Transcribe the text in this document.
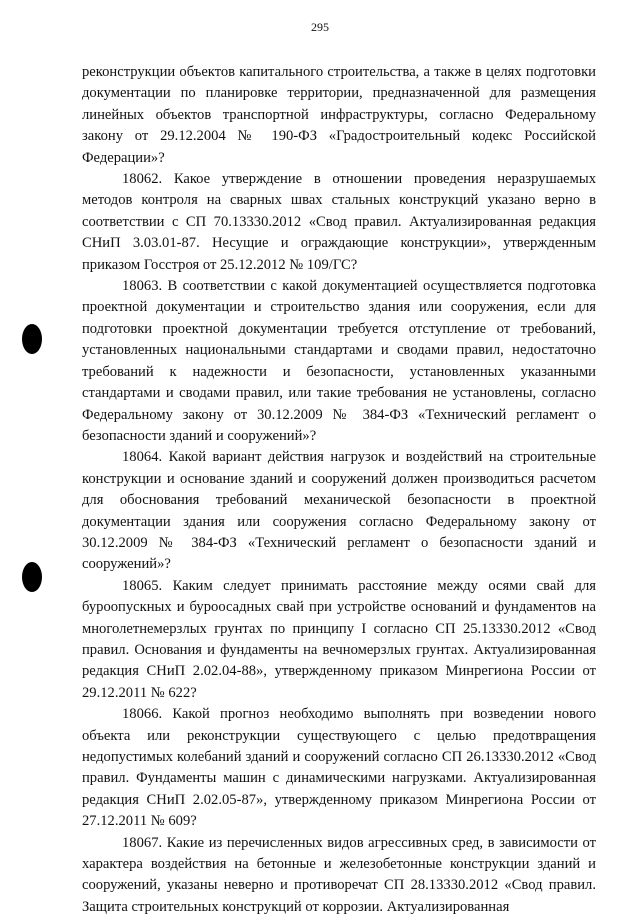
295

реконструкции объектов капитального строительства, а также в целях подготовки документации по планировке территории, предназначенной для размещения линейных объектов транспортной инфраструктуры, согласно Федеральному закону от 29.12.2004 № 190-ФЗ «Градостроительный кодекс Российской Федерации»?

18062. Какое утверждение в отношении проведения неразрушаемых методов контроля на сварных швах стальных конструкций указано верно в соответствии с СП 70.13330.2012 «Свод правил. Актуализированная редакция СНиП 3.03.01-87. Несущие и ограждающие конструкции», утвержденным приказом Госстроя от 25.12.2012 № 109/ГС?

18063. В соответствии с какой документацией осуществляется подготовка проектной документации и строительство здания или сооружения, если для подготовки проектной документации требуется отступление от требований, установленных национальными стандартами и сводами правил, недостаточно требований к надежности и безопасности, установленных указанными стандартами и сводами правил, или такие требования не установлены, согласно Федеральному закону от 30.12.2009 № 384-ФЗ «Технический регламент о безопасности зданий и сооружений»?

18064. Какой вариант действия нагрузок и воздействий на строительные конструкции и основание зданий и сооружений должен производиться расчетом для обоснования требований механической безопасности в проектной документации здания или сооружения согласно Федеральному закону от 30.12.2009 № 384-ФЗ «Технический регламент о безопасности зданий и сооружений»?

18065. Каким следует принимать расстояние между осями свай для буроопускных и буроосадных свай при устройстве оснований и фундаментов на многолетнемерзлых грунтах по принципу I согласно СП 25.13330.2012 «Свод правил. Основания и фундаменты на вечномерзлых грунтах. Актуализированная редакция СНиП 2.02.04-88», утвержденному приказом Минрегиона России от 29.12.2011 № 622?

18066. Какой прогноз необходимо выполнять при возведении нового объекта или реконструкции существующего с целью предотвращения недопустимых колебаний зданий и сооружений согласно СП 26.13330.2012 «Свод правил. Фундаменты машин с динамическими нагрузками. Актуализированная редакция СНиП 2.02.05-87», утвержденному приказом Минрегиона России от 27.12.2011 № 609?

18067. Какие из перечисленных видов агрессивных сред, в зависимости от характера воздействия на бетонные и железобетонные конструкции зданий и сооружений, указаны неверно и противоречат СП 28.13330.2012 «Свод правил. Защита строительных конструкций от коррозии. Актуализированная
